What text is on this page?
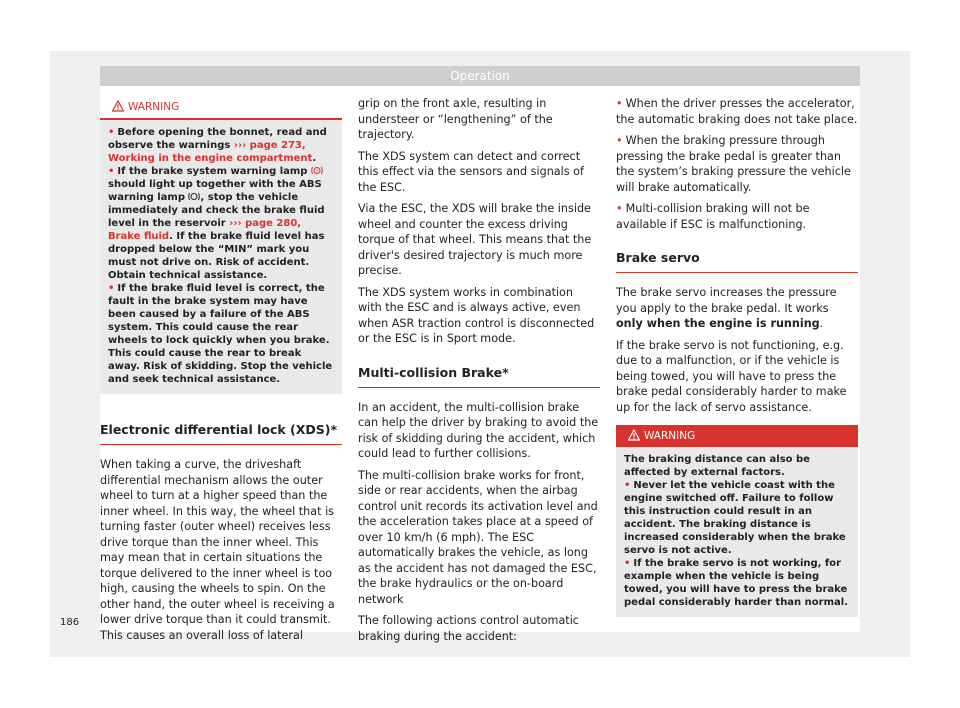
Operation
WARNING

• Before opening the bonnet, read and observe the warnings ››› page 273, Working in the engine compartment.

• If the brake system warning lamp !
should light up together with the ABS warning lamp , stop the vehicle immediately and check the brake fluid level in the reservoir ››› page 280, Brake fluid. If the brake fluid level has dropped below the “MIN” mark you must not drive on. Risk of accident. Obtain technical assistance.

• If the brake fluid level is correct, the fault in the brake system may have been caused by a failure of the ABS system. This could cause the rear wheels to lock quickly when you brake. This could cause the rear to break away. Risk of skidding. Stop the vehicle and seek technical assistance.

Electronic differential lock (XDS)*

When taking a curve, the driveshaft differential mechanism allows the outer wheel to turn at a higher speed than the inner wheel. In this way, the wheel that is turning faster (outer wheel) receives less drive torque than the inner wheel. This may mean that in certain situations the torque delivered to the inner wheel is too high, causing the wheels to spin. On the other hand, the outer wheel is receiving a lower drive torque than it could transmit. This causes an overall loss of lateral

grip on the front axle, resulting in understeer or “lengthening” of the trajectory.

The XDS system can detect and correct this effect via the sensors and signals of the ESC.

Via the ESC, the XDS will brake the inside wheel and counter the excess driving torque of that wheel. This means that the driver's desired trajectory is much more precise.

The XDS system works in combination with the ESC and is always active, even when ASR traction control is disconnected or the ESC is in Sport mode.

Multi-collision Brake*

In an accident, the multi-collision brake can help the driver by braking to avoid the risk of skidding during the accident, which could lead to further collisions.

The multi-collision brake works for front, side or rear accidents, when the airbag control unit records its activation level and the acceleration takes place at a speed of over 10 km/h (6 mph). The ESC automatically brakes the vehicle, as long as the accident has not damaged the ESC, the brake hydraulics or the on-board network

The following actions control automatic braking during the accident:

• When the driver presses the accelerator, the automatic braking does not take place.

• When the braking pressure through pressing the brake pedal is greater than the system’s braking pressure the vehicle will brake automatically.

• Multi-collision braking will not be available if ESC is malfunctioning.

Brake servo

The brake servo increases the pressure you apply to the brake pedal. It works only when the engine is running.

If the brake servo is not functioning, e.g. due to a malfunction, or if the vehicle is being towed, you will have to press the brake pedal considerably harder to make up for the lack of servo assistance.

WARNING

The braking distance can also be affected by external factors.

• Never let the vehicle coast with the engine switched off. Failure to follow this instruction could result in an accident. The braking distance is increased considerably when the brake servo is not active.

• If the brake servo is not working, for example when the vehicle is being towed, you will have to press the brake pedal considerably harder than normal.

186
